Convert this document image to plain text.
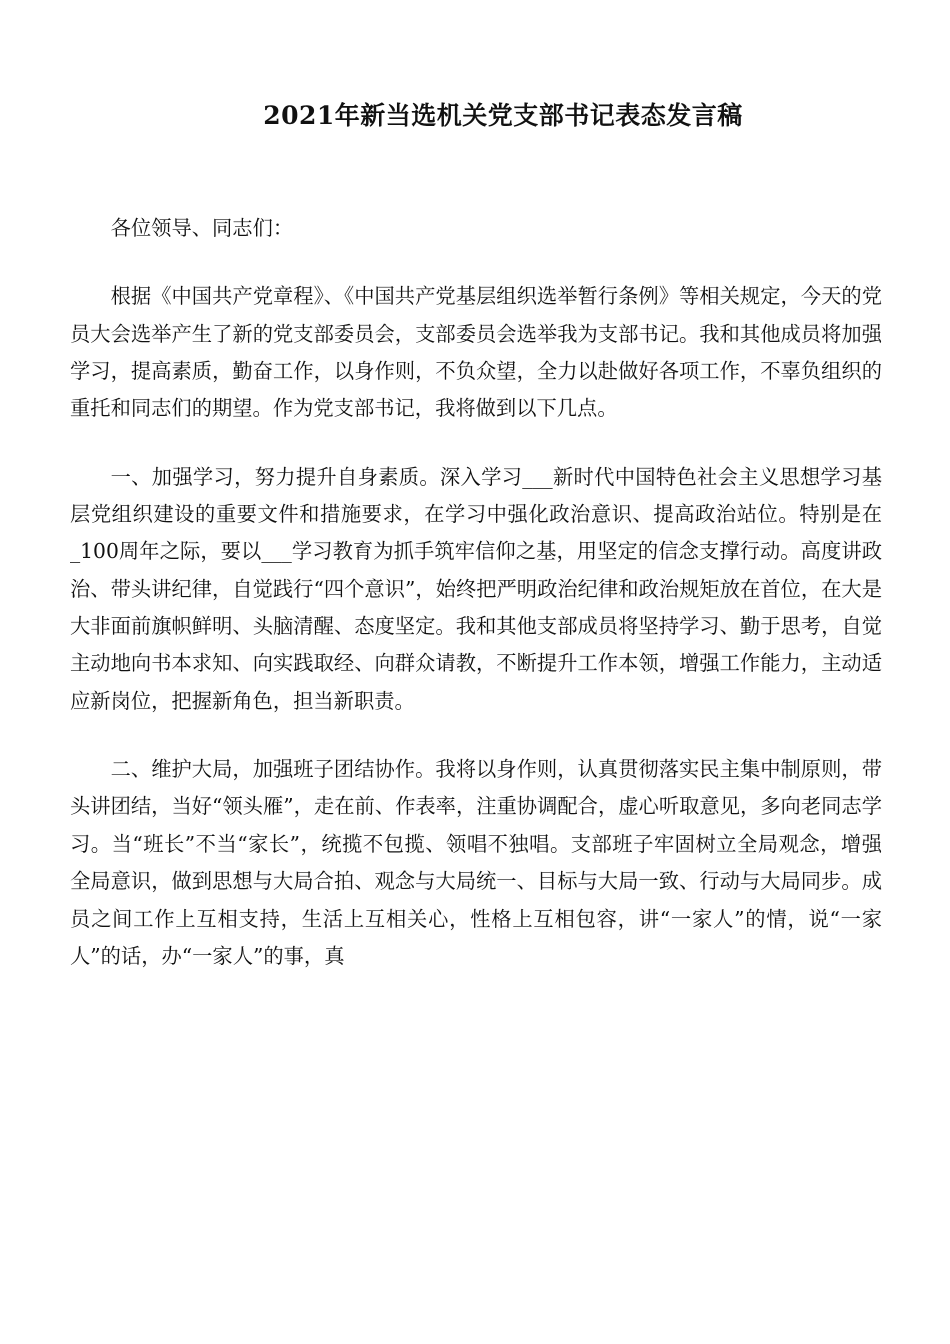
2021年新当选机关党支部书记表态发言稿

各位领导、同志们：

根据《中国共产党章程》、《中国共产党基层组织选举暂行条例》等相关规定，今天的党员大会选举产生了新的党支部委员会，支部委员会选举我为支部书记。我和其他成员将加强学习，提高素质，勤奋工作，以身作则，不负众望，全力以赴做好各项工作，不辜负组织的重托和同志们的期望。作为党支部书记，我将做到以下几点。

一、加强学习，努力提升自身素质。深入学习___新时代中国特色社会主义思想学习基层党组织建设的重要文件和措施要求，在学习中强化政治意识、提高政治站位。特别是在_100周年之际，要以___学习教育为抓手筑牢信仰之基，用坚定的信念支撑行动。高度讲政治、带头讲纪律，自觉践行“四个意识”，始终把严明政治纪律和政治规矩放在首位，在大是大非面前旗帜鲜明、头脑清醒、态度坚定。我和其他支部成员将坚持学习、勤于思考，自觉主动地向书本求知、向实践取经、向群众请教，不断提升工作本领，增强工作能力，主动适应新岗位，把握新角色，担当新职责。

二、维护大局，加强班子团结协作。我将以身作则，认真贯彻落实民主集中制原则，带头讲团结，当好“领头雁”，走在前、作表率，注重协调配合，虚心听取意见，多向老同志学习。当“班长”不当“家长”，统揽不包揽、领唱不独唱。支部班子牢固树立全局观念，增强全局意识，做到思想与大局合拍、观念与大局统一、目标与大局一致、行动与大局同步。成员之间工作上互相支持，生活上互相关心，性格上互相包容，讲“一家人”的情，说“一家人”的话，办“一家人”的事，真
